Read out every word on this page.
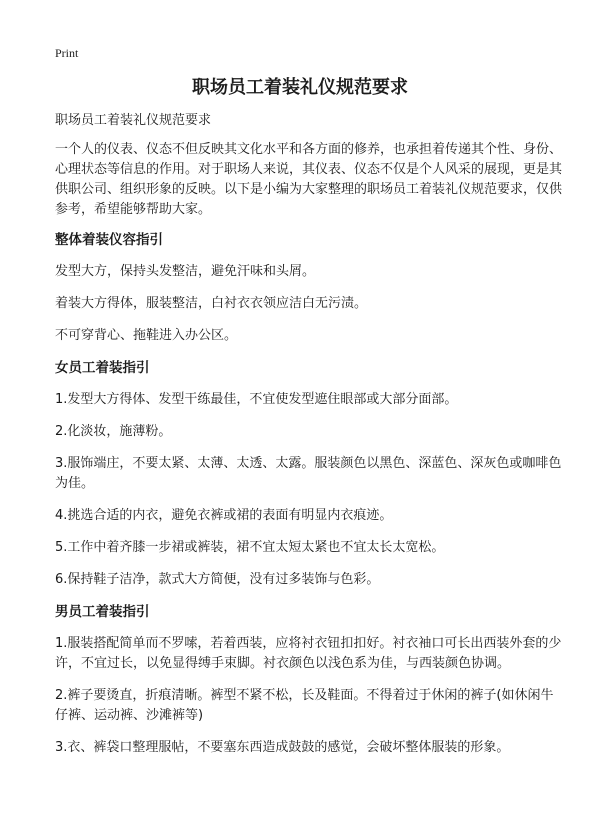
Print
职场员工着装礼仪规范要求
职场员工着装礼仪规范要求
一个人的仪表、仪态不但反映其文化水平和各方面的修养，也承担着传递其个性、身份、心理状态等信息的作用。对于职场人来说，其仪表、仪态不仅是个人风采的展现，更是其供职公司、组织形象的反映。以下是小编为大家整理的职场员工着装礼仪规范要求，仅供参考，希望能够帮助大家。
整体着装仪容指引
发型大方，保持头发整洁，避免汗味和头屑。
着装大方得体，服装整洁，白衬衣衣领应洁白无污渍。
不可穿背心、拖鞋进入办公区。
女员工着装指引
1.发型大方得体、发型干练最佳，不宜使发型遮住眼部或大部分面部。
2.化淡妆，施薄粉。
3.服饰端庄，不要太紧、太薄、太透、太露。服装颜色以黑色、深蓝色、深灰色或咖啡色为佳。
4.挑选合适的内衣，避免衣裤或裙的表面有明显内衣痕迹。
5.工作中着齐膝一步裙或裤装，裙不宜太短太紧也不宜太长太宽松。
6.保持鞋子洁净，款式大方简便，没有过多装饰与色彩。
男员工着装指引
1.服装搭配简单而不罗嗦，若着西装，应将衬衣钮扣扣好。衬衣袖口可长出西装外套的少许，不宜过长，以免显得缚手束脚。衬衣颜色以浅色系为佳，与西装颜色协调。
2.裤子要烫直，折痕清晰。裤型不紧不松，长及鞋面。不得着过于休闲的裤子(如休闲牛仔裤、运动裤、沙滩裤等)
3.衣、裤袋口整理服帖，不要塞东西造成鼓鼓的感觉，会破坏整体服装的形象。
